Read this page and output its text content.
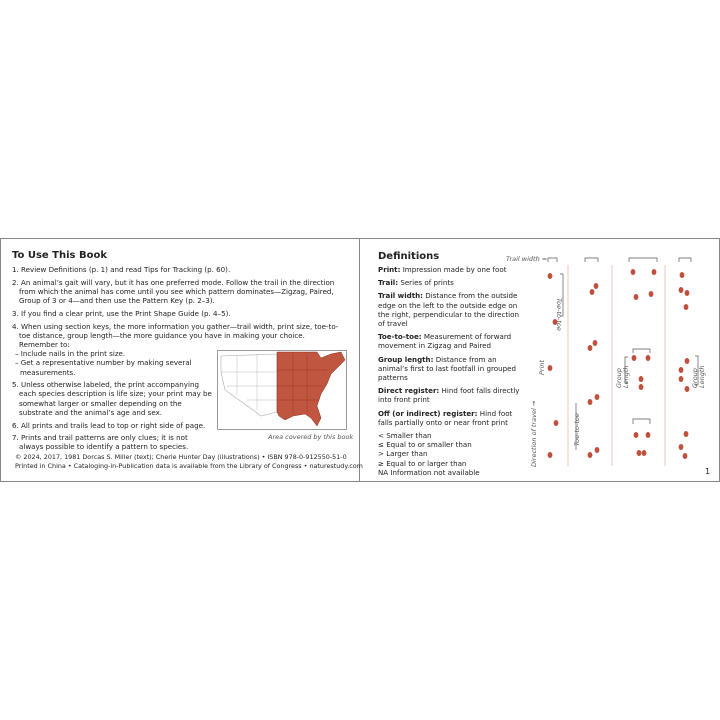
To Use This Book

1. Review Definitions (p. 1) and read Tips for Tracking (p. 60).

2. An animal’s gait will vary, but it has one preferred mode. Follow the trail in the direction from which the animal has come until you see which pattern dominates—Zigzag, Paired, Group of 3 or 4—and then use the Pattern Key (p. 2–3).

3. If you find a clear print, use the Print Shape Guide (p. 4–5).

4. When using section keys, the more information you gather—trail width, print size, toe-to-toe distance, group length—the more guidance you have in making your choice. Remember to:

– Include nails in the print size.

– Get a representative number by making several measurements.

5. Unless otherwise labeled, the print accompanying each species description is life size; your print may be somewhat larger or smaller depending on the substrate and the animal’s age and sex.

6. All prints and trails lead to top or right side of page.

7. Prints and trail patterns are only clues; it is not always possible to identify a pattern to species.

Area covered by this book
© 2024, 2017, 1981 Dorcas S. Miller (text); Cherie Hunter Day (illustrations) • ISBN 978-0-912550-51-0
Printed in China • Cataloging-in-Publication data is available from the Library of Congress • naturestudy.com
Definitions

Print: Impression made by one foot

Trail: Series of prints

Trail width: Distance from the outside edge on the left to the outside edge on the right, perpendicular to the direction of travel

Toe-to-toe: Measurement of forward movement in Zigzag and Paired

Group length: Distance from an animal’s first to last footfall in grouped patterns

Direct register: Hind foot falls directly into front print

Off (or indirect) register: Hind foot falls partially onto or near front print

< Smaller than

≤ Equal to or smaller than

> Larger than

≥ Equal to or larger than

NA Information not available

Trail width =
Toe-to-toe
Print
Direction of travel ➞	Toe-to-toe
Group Length	Group Length
1
